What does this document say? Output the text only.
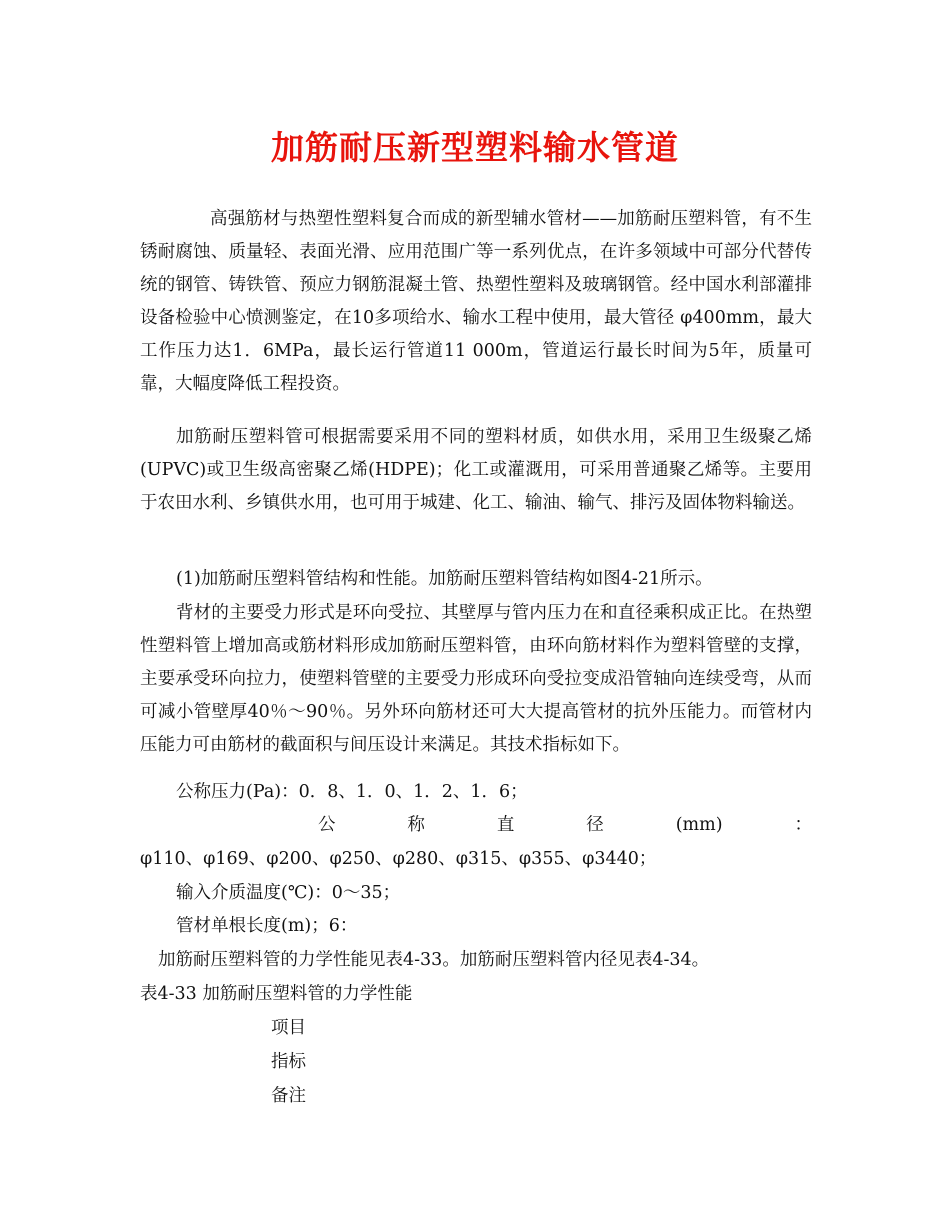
加筋耐压新型塑料输水管道
高强筋材与热塑性塑料复合而成的新型辅水管材——加筋耐压塑料管，有不生锈耐腐蚀、质量轻、表面光滑、应用范围广等一系列优点，在许多领域中可部分代替传统的钢管、铸铁管、预应力钢筋混凝土管、热塑性塑料及玻璃钢管。经中国水利部灌排设备检验中心愤测鉴定，在10多项给水、输水工程中使用，最大管径 φ400mm，最大工作压力达1．6MPa，最长运行管道11 000m，管道运行最长时间为5年，质量可靠，大幅度降低工程投资。
加筋耐压塑料管可根据需要采用不同的塑料材质，如供水用，采用卫生级聚乙烯(UPVC)或卫生级高密聚乙烯(HDPE)；化工或灌溉用，可采用普通聚乙烯等。主要用于农田水利、乡镇供水用，也可用于城建、化工、输油、输气、排污及固体物料输送。
(1)加筋耐压塑料管结构和性能。加筋耐压塑料管结构如图4-21所示。
背材的主要受力形式是环向受拉、其壁厚与管内压力在和直径乘积成正比。在热塑性塑料管上增加高或筋材料形成加筋耐压塑料管，由环向筋材料作为塑料管壁的支撑，主要承受环向拉力，使塑料管壁的主要受力形成环向受拉变成沿管轴向连续受弯，从而可减小管壁厚40％～90％。另外环向筋材还可大大提高管材的抗外压能力。而管材内压能力可由筋材的截面积与间压设计来满足。其技术指标如下。
公称压力(Pa)：0．8、1．0、1．2、1．6；
公	称	直	径	(mm)	：
φ110、φ169、φ200、φ250、φ280、φ315、φ355、φ3440；
输入介质温度(℃)：0～35；
管材单根长度(m)；6：
加筋耐压塑料管的力学性能见表4-33。加筋耐压塑料管内径见表4-34。
表4-33 加筋耐压塑料管的力学性能
项目
指标
备注
